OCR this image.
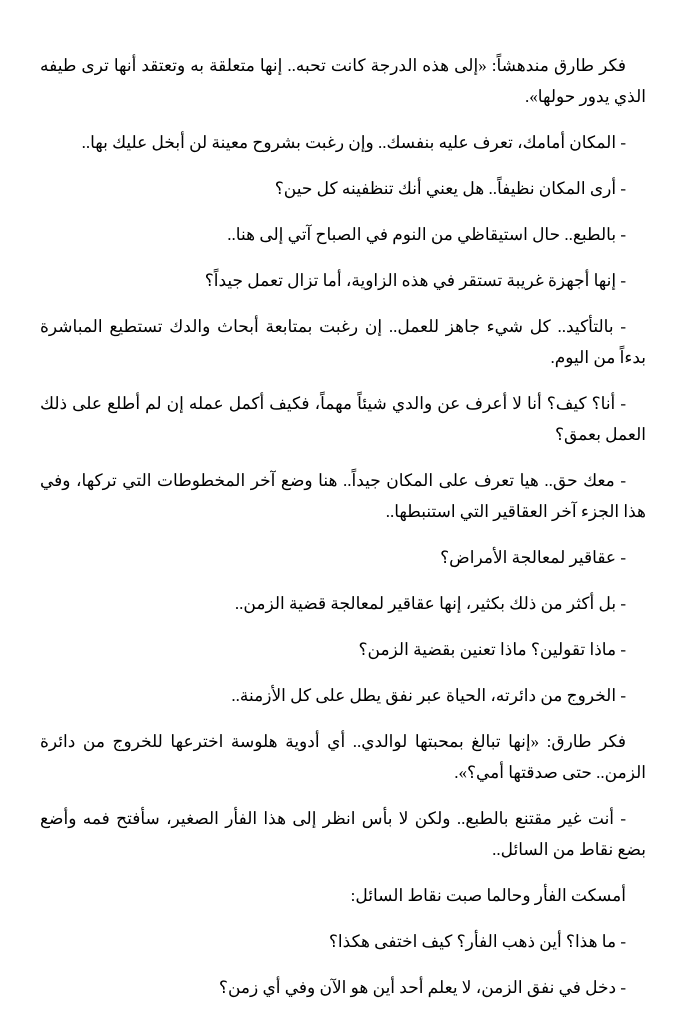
فكر طارق مندهشاً: «إلى هذه الدرجة كانت تحبه.. إنها متعلقة به وتعتقد أنها ترى طيفه الذي يدور حولها».

- المكان أمامك، تعرف عليه بنفسك.. وإن رغبت بشروح معينة لن أبخل عليك بها..

- أرى المكان نظيفاً.. هل يعني أنك تنظفينه كل حين؟

- بالطبع.. حال استيقاظي من النوم في الصباح آتي إلى هنا..

- إنها أجهزة غريبة تستقر في هذه الزاوية، أما تزال تعمل جيداً؟

- بالتأكيد.. كل شيء جاهز للعمل.. إن رغبت بمتابعة أبحاث والدك تستطيع المباشرة بدءاً من اليوم.

- أنا؟ كيف؟ أنا لا أعرف عن والدي شيئاً مهماً، فكيف أكمل عمله إن لم أطلع على ذلك العمل بعمق؟

- معك حق.. هيا تعرف على المكان جيداً.. هنا وضع آخر المخطوطات التي تركها، وفي هذا الجزء آخر العقاقير التي استنبطها..

- عقاقير لمعالجة الأمراض؟

- بل أكثر من ذلك بكثير، إنها عقاقير لمعالجة قضية الزمن..

- ماذا تقولين؟ ماذا تعنين بقضية الزمن؟

- الخروج من دائرته، الحياة عبر نفق يطل على كل الأزمنة..

فكر طارق: «إنها تبالغ بمحبتها لوالدي.. أي أدوية هلوسة اخترعها للخروج من دائرة الزمن.. حتى صدقتها أمي؟».

- أنت غير مقتنع بالطبع.. ولكن لا بأس انظر إلى هذا الفأر الصغير، سأفتح فمه وأضع بضع نقاط من السائل..

أمسكت الفأر وحالما صبت نقاط السائل:

- ما هذا؟ أين ذهب الفأر؟ كيف اختفى هكذا؟

- دخل في نفق الزمن، لا يعلم أحد أين هو الآن وفي أي زمن؟
